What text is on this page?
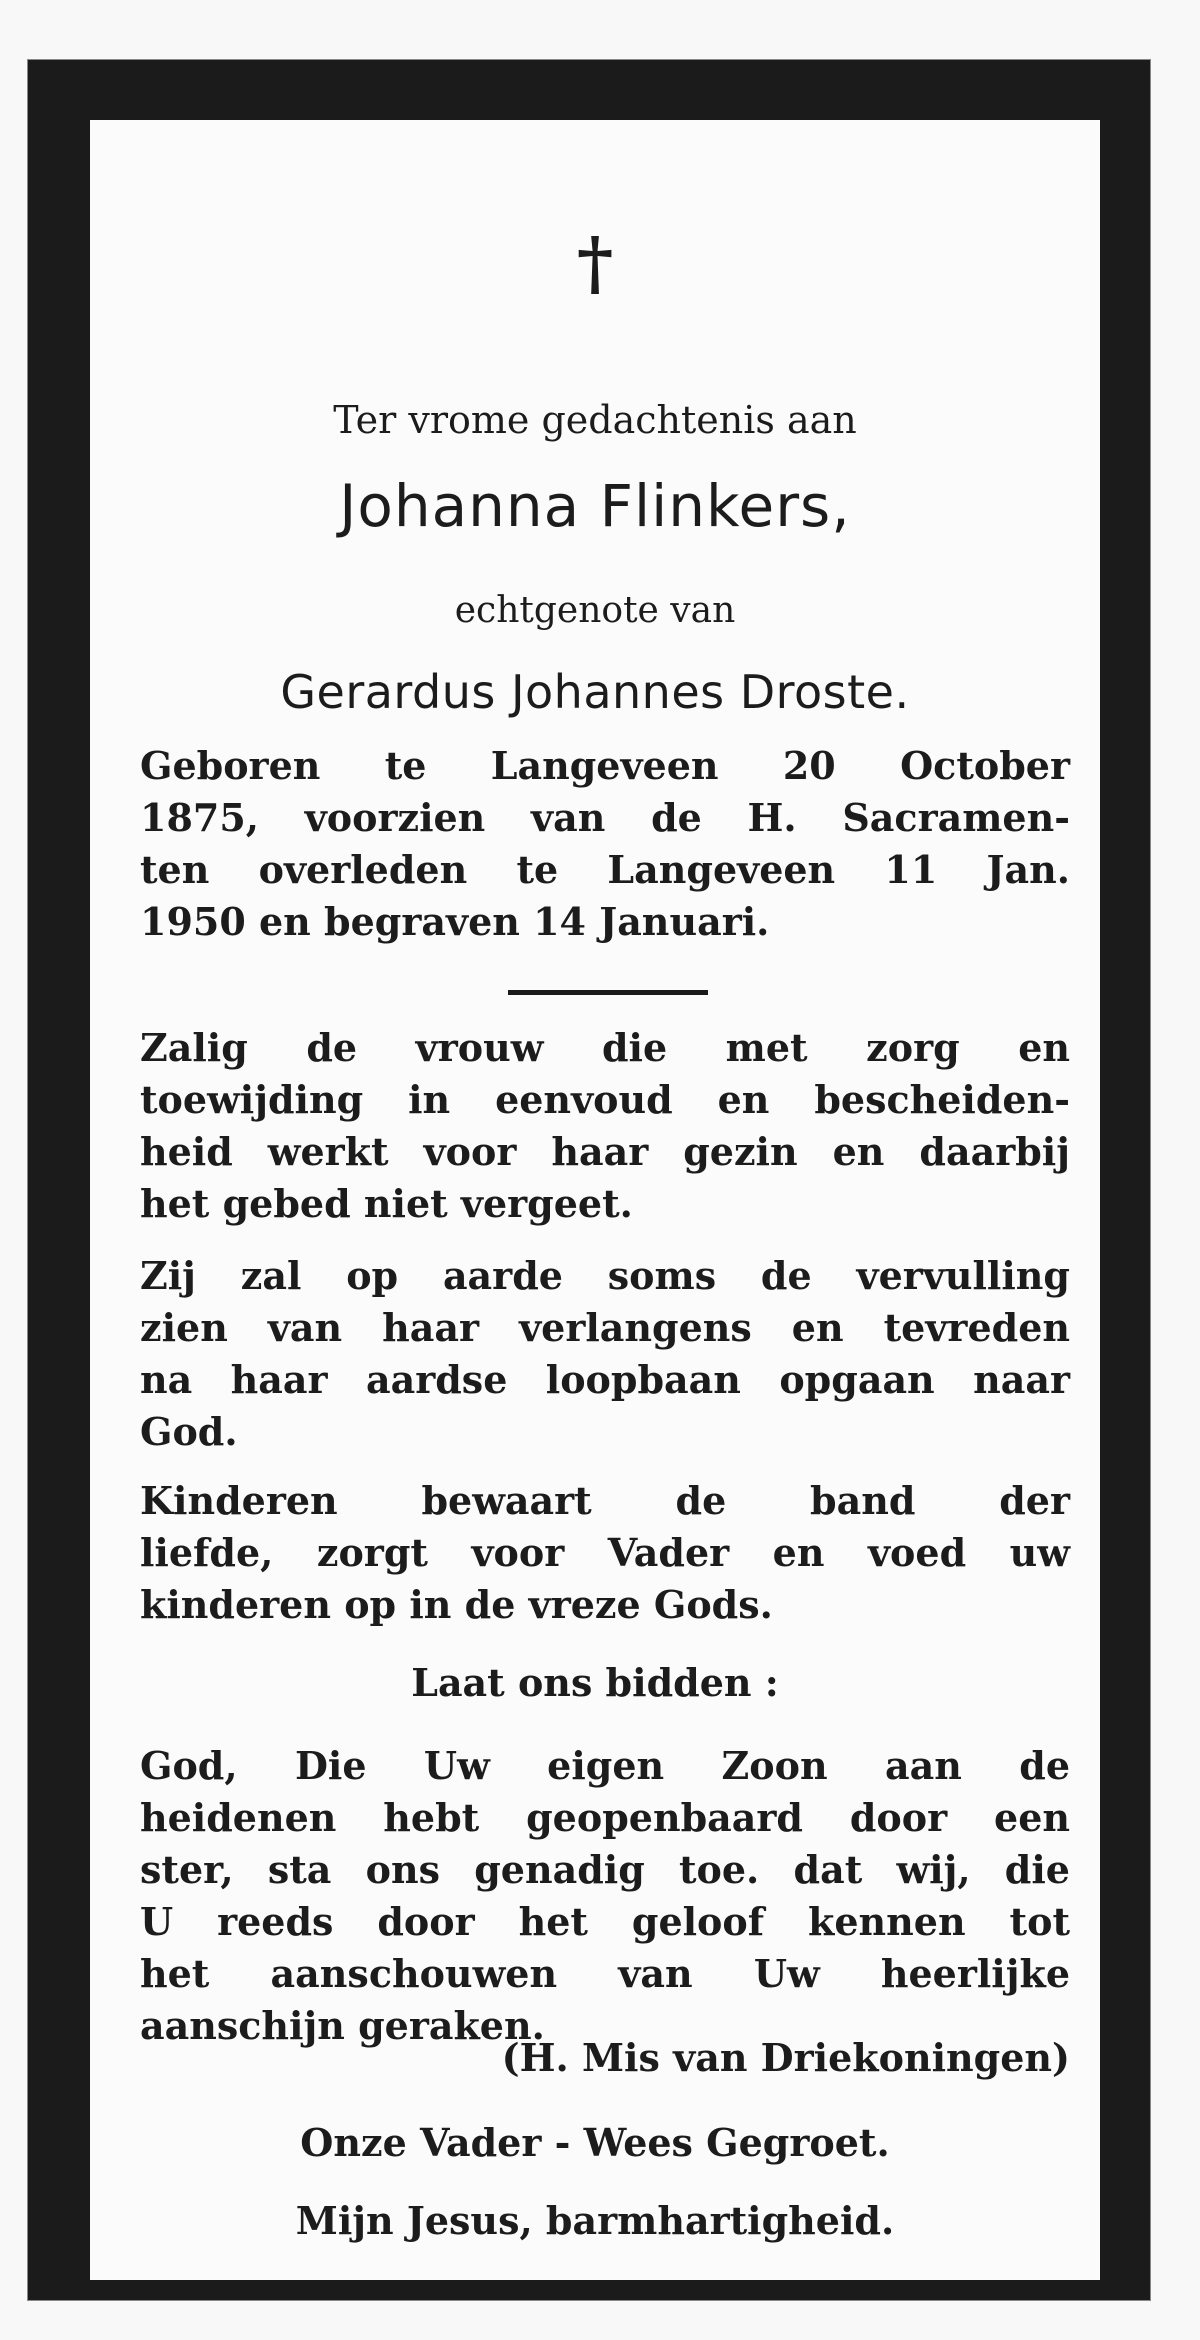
†
Ter vrome gedachtenis aan
Johanna Flinkers,
echtgenote van
Gerardus Johannes Droste.
Geboren te Langeveen 20 October
1875, voorzien van de H. Sacramen-
ten overleden te Langeveen 11 Jan.
1950 en begraven 14 Januari.
Zalig de vrouw die met zorg en
toewijding in eenvoud en bescheiden-
heid werkt voor haar gezin en daarbij
het gebed niet vergeet.
Zij zal op aarde soms de vervulling
zien van haar verlangens en tevreden
na haar aardse loopbaan opgaan naar
God.
Kinderen bewaart de band der
liefde, zorgt voor Vader en voed uw
kinderen op in de vreze Gods.
Laat ons bidden :
God, Die Uw eigen Zoon aan de
heidenen hebt geopenbaard door een
ster, sta ons genadig toe. dat wij, die
U reeds door het geloof kennen tot
het aanschouwen van Uw heerlijke
aanschijn geraken.
(H. Mis van Driekoningen)
Onze Vader - Wees Gegroet.
Mijn Jesus, barmhartigheid.
